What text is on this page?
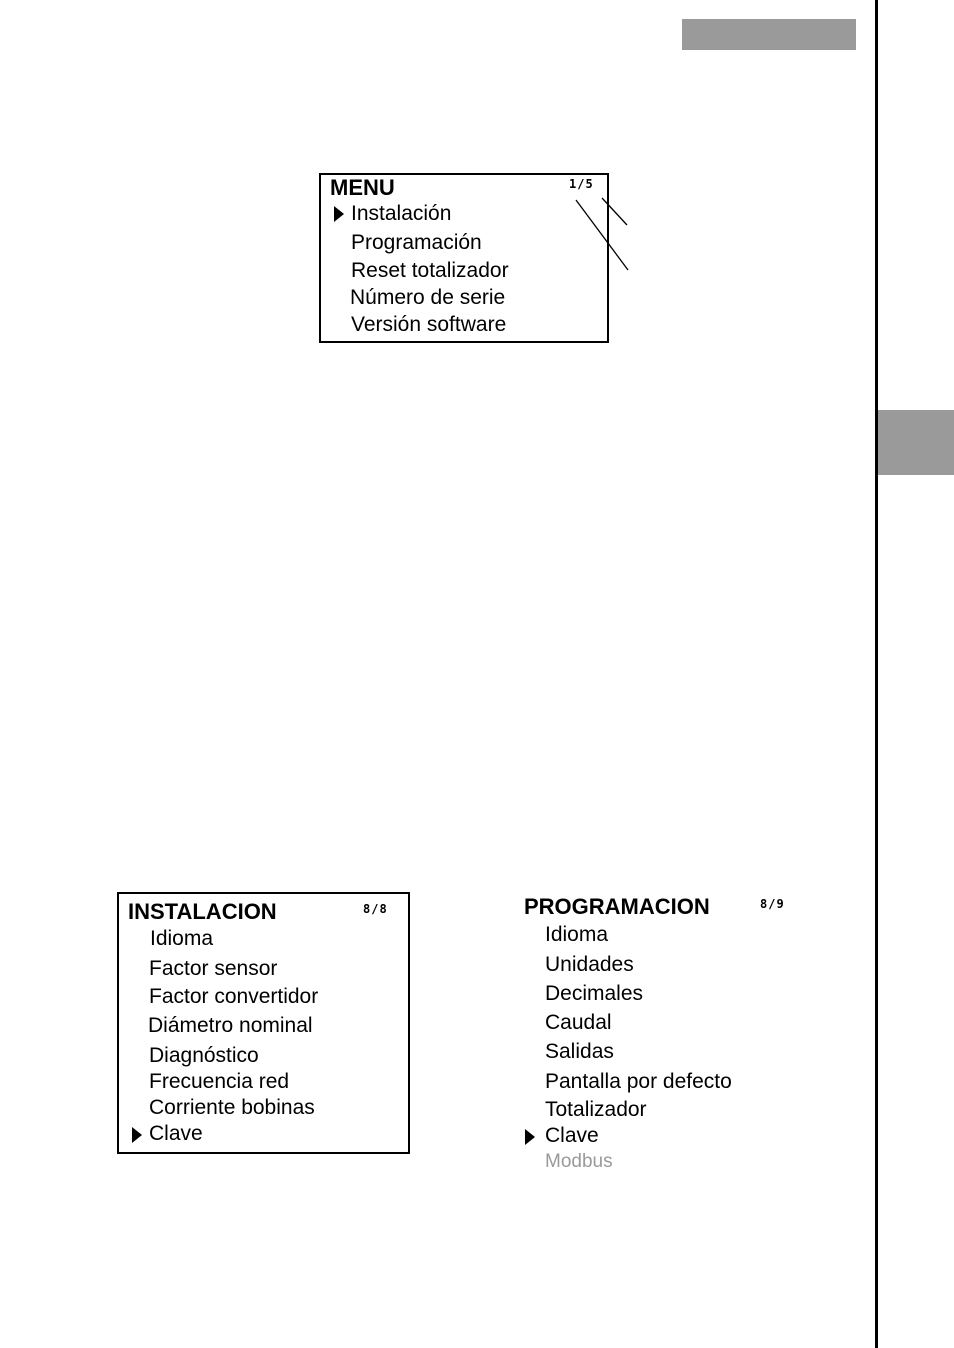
MENU	1/5
Instalación
Programación
Reset totalizador
Número de serie
Versión software
INSTALACION	8/8
Idioma
Factor sensor
Factor convertidor
Diámetro nominal
Diagnóstico
Frecuencia red
Corriente bobinas
Clave
PROGRAMACION	8/9
Idioma
Unidades
Decimales
Caudal
Salidas
Pantalla por defecto
Totalizador
Clave
Modbus
